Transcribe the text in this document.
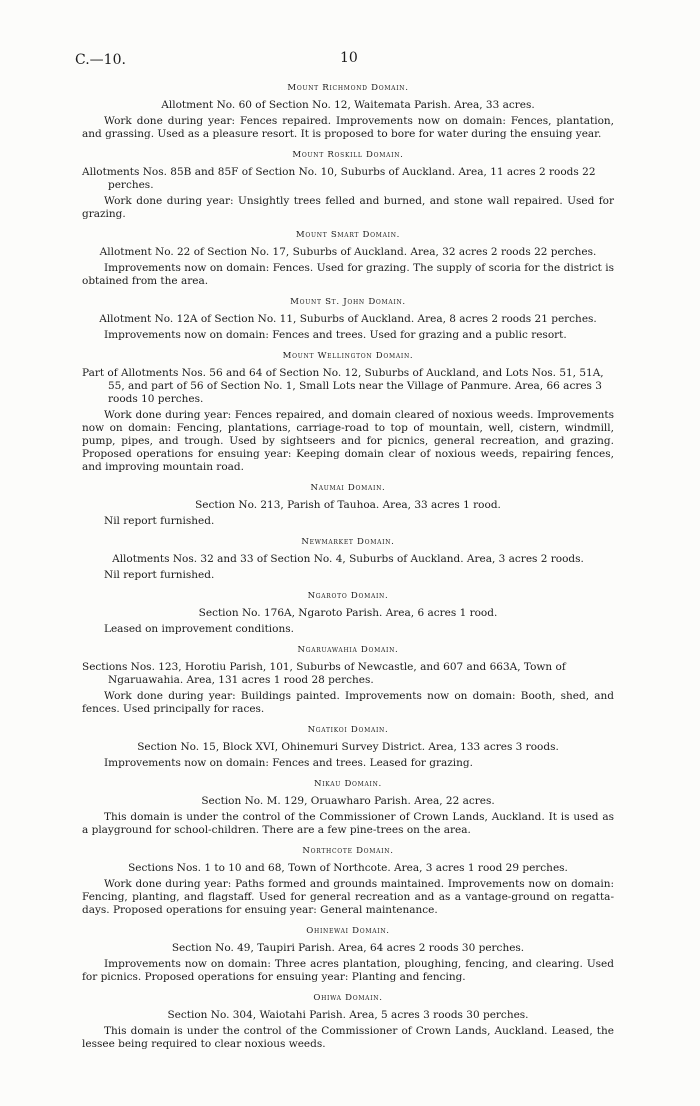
C.—10.	10
Mount Richmond Domain.
Allotment No. 60 of Section No. 12, Waitemata Parish. Area, 33 acres.

Work done during year: Fences repaired. Improvements now on domain: Fences, plantation, and grassing. Used as a pleasure resort. It is proposed to bore for water during the ensuing year.

Mount Roskill Domain.
Allotments Nos. 85B and 85F of Section No. 10, Suburbs of Auckland. Area, 11 acres 2 roods 22 perches.

Work done during year: Unsightly trees felled and burned, and stone wall repaired. Used for grazing.

Mount Smart Domain.
Allotment No. 22 of Section No. 17, Suburbs of Auckland. Area, 32 acres 2 roods 22 perches.

Improvements now on domain: Fences. Used for grazing. The supply of scoria for the district is obtained from the area.

Mount St. John Domain.
Allotment No. 12A of Section No. 11, Suburbs of Auckland. Area, 8 acres 2 roods 21 perches.

Improvements now on domain: Fences and trees. Used for grazing and a public resort.

Mount Wellington Domain.
Part of Allotments Nos. 56 and 64 of Section No. 12, Suburbs of Auckland, and Lots Nos. 51, 51A, 55, and part of 56 of Section No. 1, Small Lots near the Village of Panmure. Area, 66 acres 3 roods 10 perches.

Work done during year: Fences repaired, and domain cleared of noxious weeds. Improvements now on domain: Fencing, plantations, carriage-road to top of mountain, well, cistern, windmill, pump, pipes, and trough. Used by sightseers and for picnics, general recreation, and grazing. Proposed operations for ensuing year: Keeping domain clear of noxious weeds, repairing fences, and improving mountain road.

Naumai Domain.
Section No. 213, Parish of Tauhoa. Area, 33 acres 1 rood.

Nil report furnished.

Newmarket Domain.
Allotments Nos. 32 and 33 of Section No. 4, Suburbs of Auckland. Area, 3 acres 2 roods.

Nil report furnished.

Ngaroto Domain.
Section No. 176A, Ngaroto Parish. Area, 6 acres 1 rood.

Leased on improvement conditions.

Ngaruawahia Domain.
Sections Nos. 123, Horotiu Parish, 101, Suburbs of Newcastle, and 607 and 663A, Town of Ngaruawahia. Area, 131 acres 1 rood 28 perches.

Work done during year: Buildings painted. Improvements now on domain: Booth, shed, and fences. Used principally for races.

Ngatikoi Domain.
Section No. 15, Block XVI, Ohinemuri Survey District. Area, 133 acres 3 roods.

Improvements now on domain: Fences and trees. Leased for grazing.

Nikau Domain.
Section No. M. 129, Oruawharo Parish. Area, 22 acres.

This domain is under the control of the Commissioner of Crown Lands, Auckland. It is used as a playground for school-children. There are a few pine-trees on the area.

Northcote Domain.
Sections Nos. 1 to 10 and 68, Town of Northcote. Area, 3 acres 1 rood 29 perches.

Work done during year: Paths formed and grounds maintained. Improvements now on domain: Fencing, planting, and flagstaff. Used for general recreation and as a vantage-ground on regatta-days. Proposed operations for ensuing year: General maintenance.

Ohinewai Domain.
Section No. 49, Taupiri Parish. Area, 64 acres 2 roods 30 perches.

Improvements now on domain: Three acres plantation, ploughing, fencing, and clearing. Used for picnics. Proposed operations for ensuing year: Planting and fencing.

Ohiwa Domain.
Section No. 304, Waiotahi Parish. Area, 5 acres 3 roods 30 perches.

This domain is under the control of the Commissioner of Crown Lands, Auckland. Leased, the lessee being required to clear noxious weeds.
